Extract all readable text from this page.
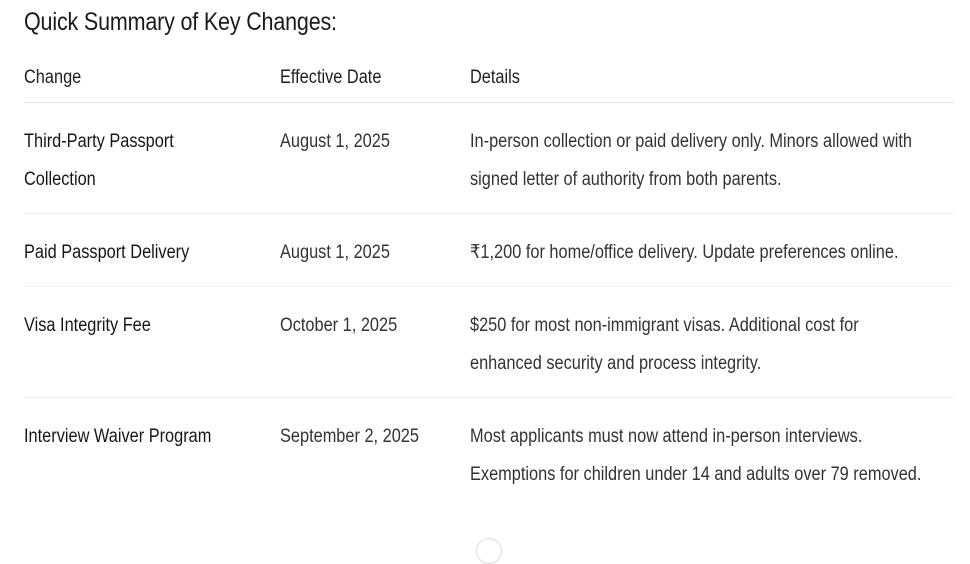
Quick Summary of Key Changes:
Change	Effective Date	Details
Third-Party Passport Collection	August 1, 2025	In-person collection or paid delivery only. Minors allowed with signed letter of authority from both parents.
Paid Passport Delivery	August 1, 2025	₹1,200 for home/office delivery. Update preferences online.
Visa Integrity Fee	October 1, 2025	$250 for most non-immigrant visas. Additional cost for enhanced security and process integrity.
Interview Waiver Program	September 2, 2025	Most applicants must now attend in-person interviews. Exemptions for children under 14 and adults over 79 removed.
